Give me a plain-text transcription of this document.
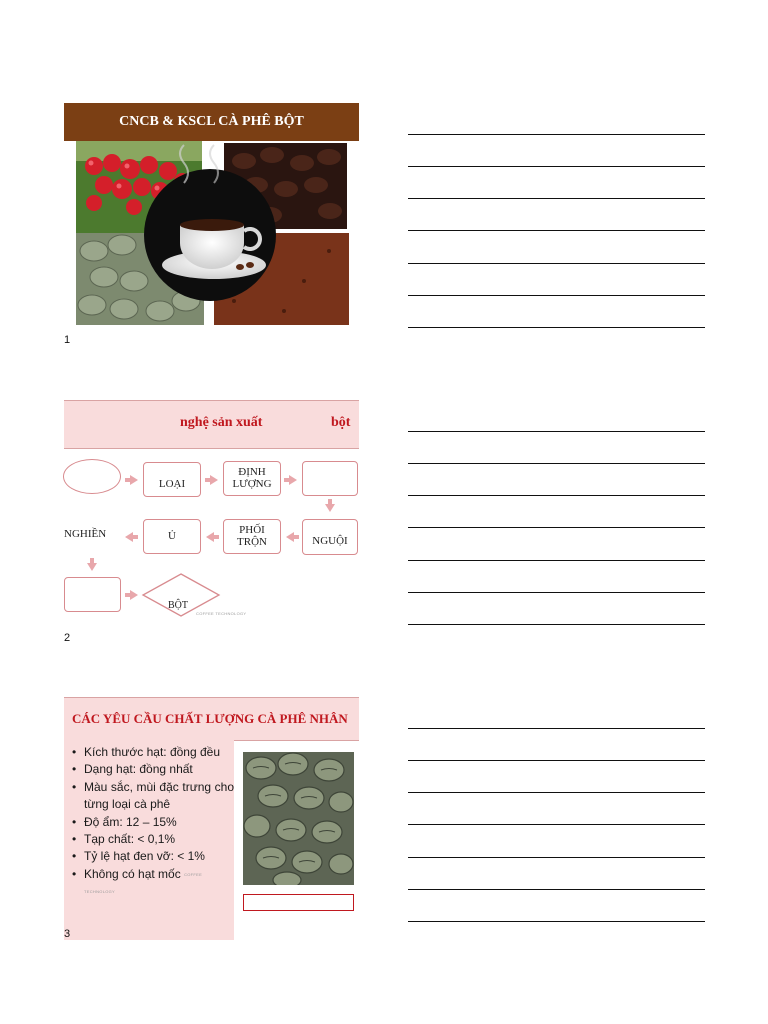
CNCB & KSCL CÀ PHÊ BỘT
1
nghệ sản xuất	bột
LOẠI
ĐỊNH LƯỢNG
NGHIỀN	Ủ	PHỐI TRỘN	NGUỘI
BỘT
COFFEE TECHNOLOGY
2
CÁC YÊU CẦU CHẤT LƯỢNG CÀ PHÊ NHÂN
• Kích thước hạt: đồng đều
• Dạng hạt: đồng nhất
• Màu sắc, mùi đặc trưng cho từng loại cà phê
• Độ ẩm: 12 – 15%
• Tạp chất: < 0,1%
• Tỷ lệ hạt đen vỡ: < 1%
• Không có hạt mốc COFFEE TECHNOLOGY
3
